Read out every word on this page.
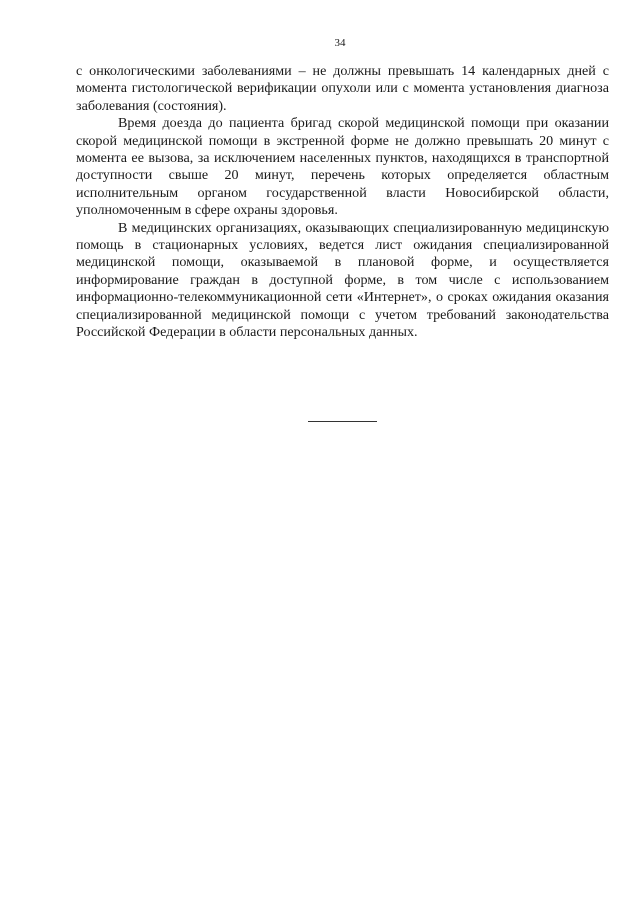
34

с онкологическими заболеваниями – не должны превышать 14 календарных дней с момента гистологической верификации опухоли или с момента установления диагноза заболевания (состояния).

Время доезда до пациента бригад скорой медицинской помощи при оказании скорой медицинской помощи в экстренной форме не должно превышать 20 минут с момента ее вызова, за исключением населенных пунктов, находящихся в транспортной доступности свыше 20 минут, перечень которых определяется областным исполнительным органом государственной власти Новосибирской области, уполномоченным в сфере охраны здоровья.

В медицинских организациях, оказывающих специализированную медицинскую помощь в стационарных условиях, ведется лист ожидания специализированной медицинской помощи, оказываемой в плановой форме, и осуществляется информирование граждан в доступной форме, в том числе с использованием информационно-телекоммуникационной сети «Интернет», о сроках ожидания оказания специализированной медицинской помощи с учетом требований законодательства Российской Федерации в области персональных данных.
